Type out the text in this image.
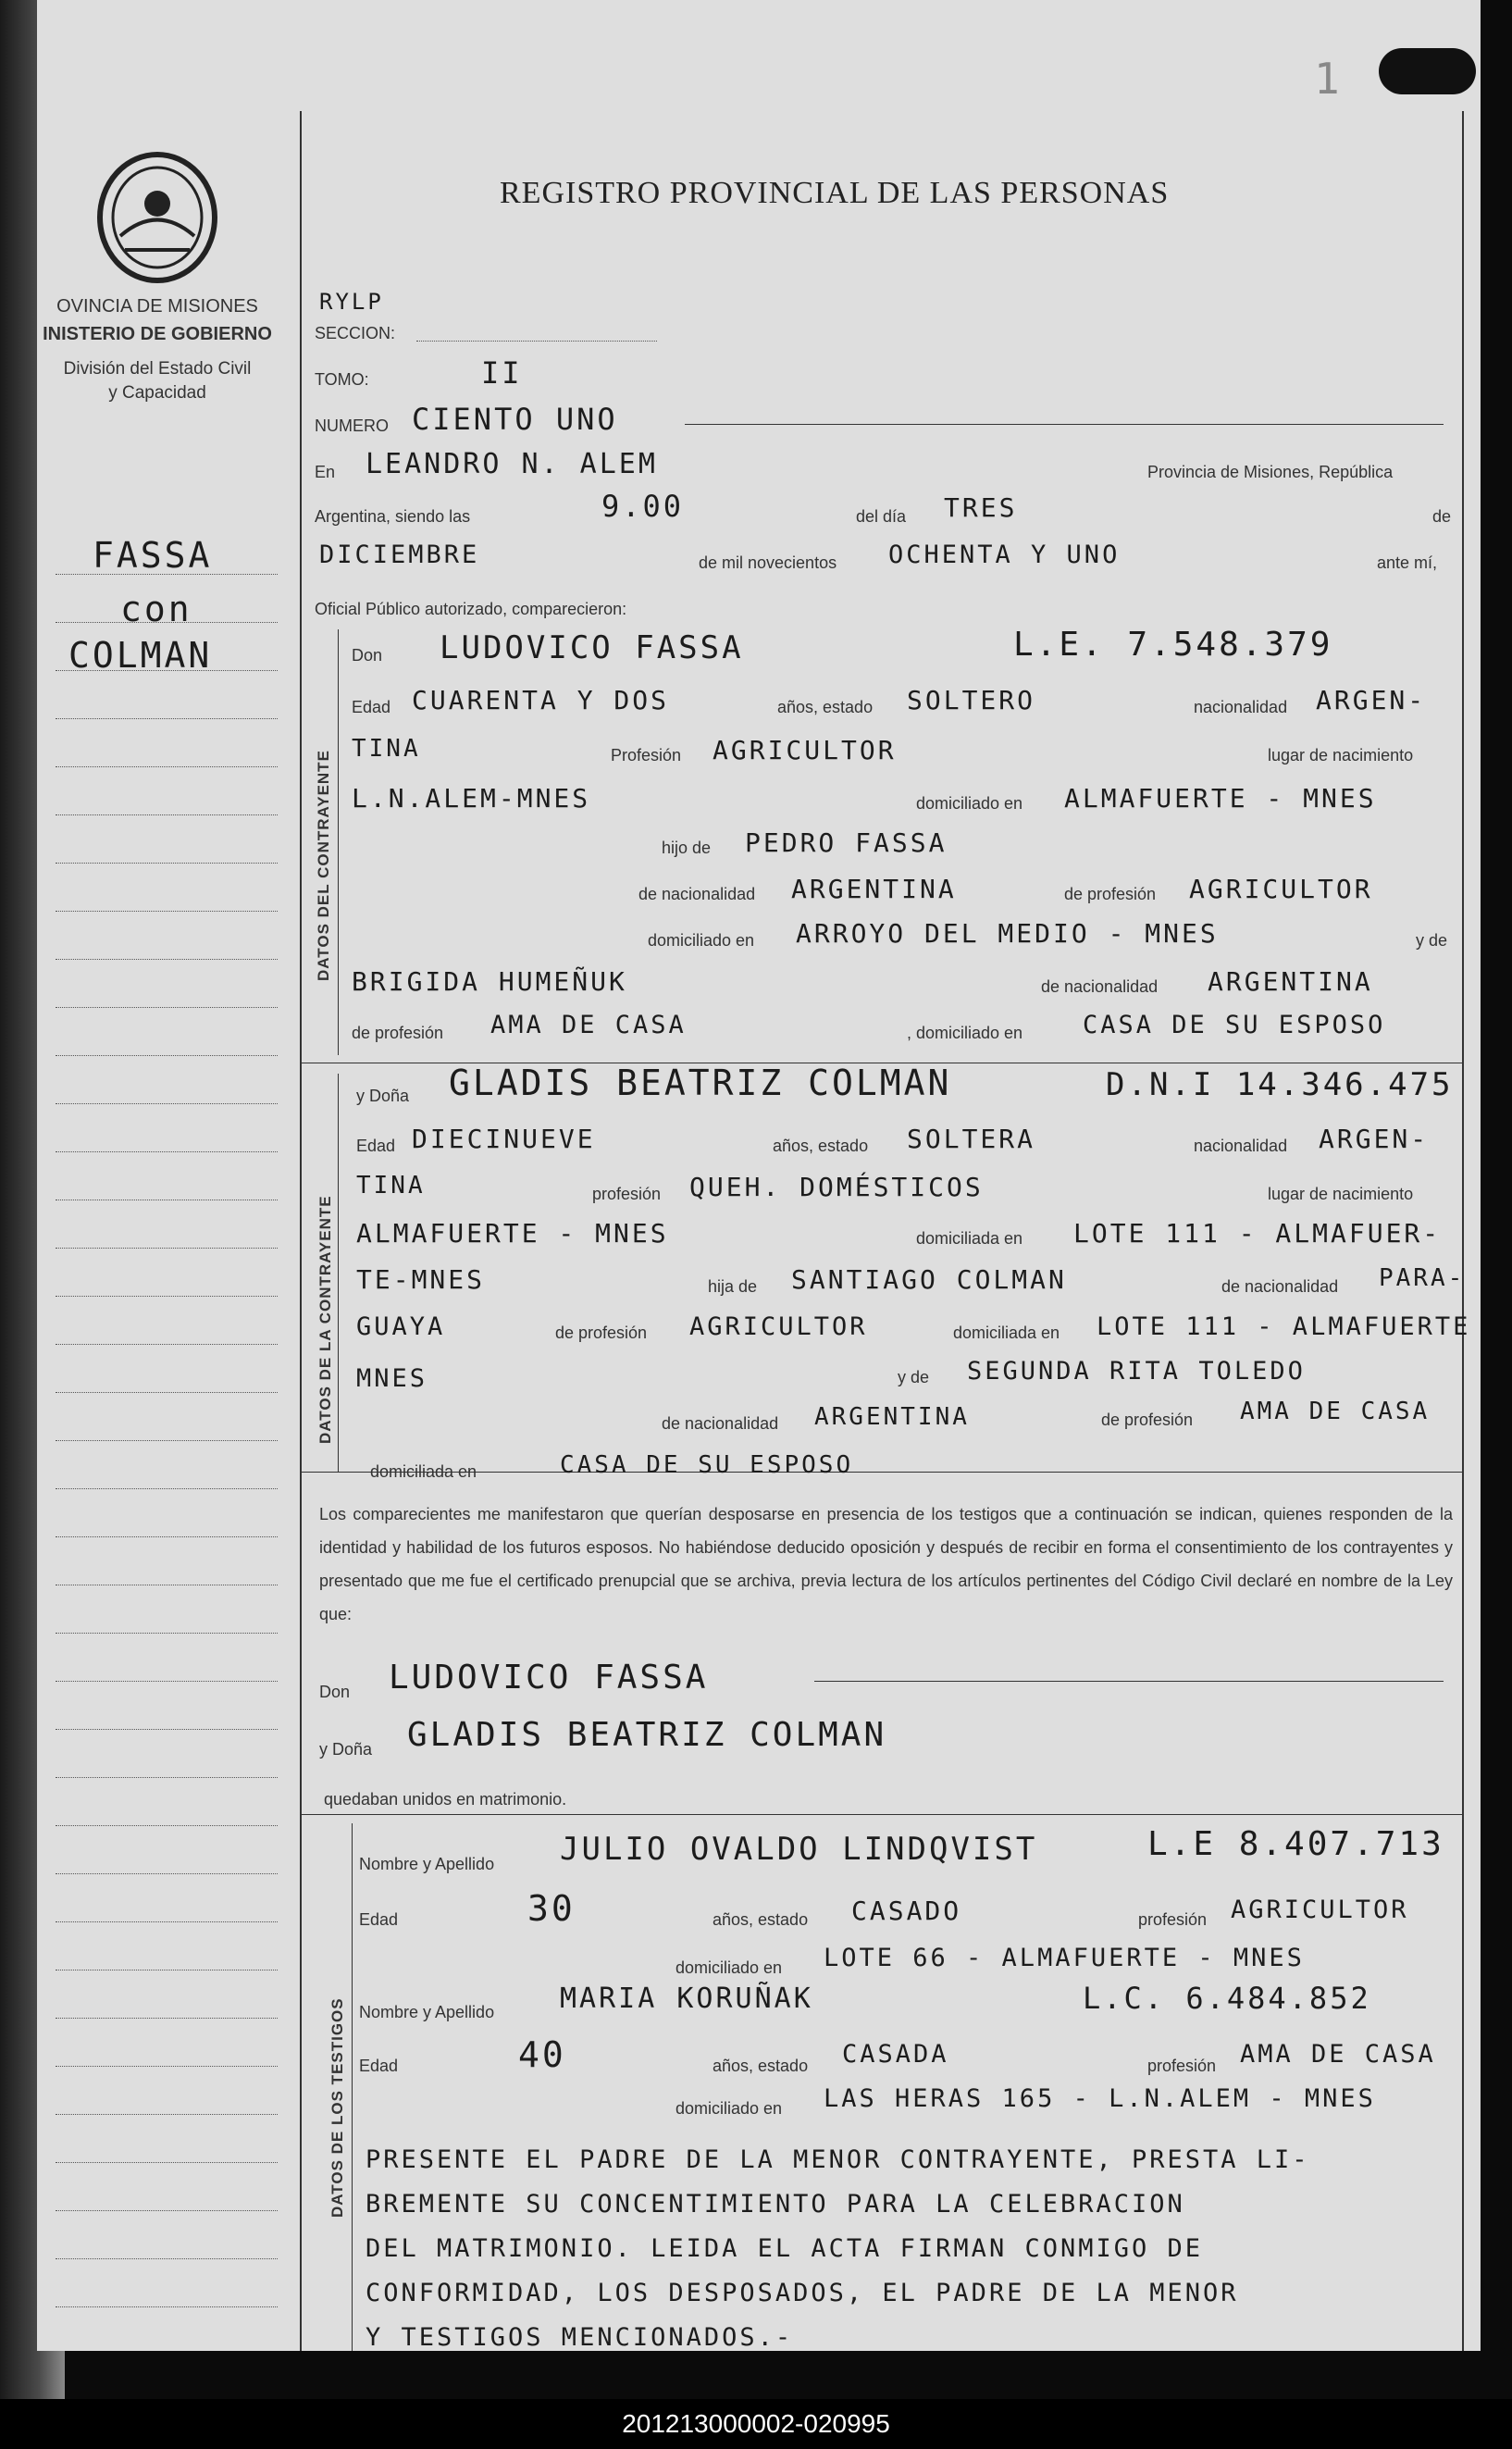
1
OVINCIA DE MISIONES
INISTERIO DE GOBIERNO
División del Estado Civil
y Capacidad
FASSA
con
COLMAN
REGISTRO PROVINCIAL DE LAS PERSONAS
RYLP
SECCION:
TOMO:	II
NUMERO CIENTO UNO
En LEANDRO N. ALEM	Provincia de Misiones, República
Argentina, siendo las	9.00	del día TRES	de
DICIEMBRE	de mil novecientos OCHENTA Y UNO	ante mí,
Oficial Público autorizado, comparecieron:
DATOS DEL CONTRAYENTE
Don LUDOVICO FASSA	L.E. 7.548.379
Edad CUARENTA Y DOS	años, estado SOLTERO	nacionalidad ARGEN-
TINA	Profesión AGRICULTOR	lugar de nacimiento
L.N.ALEM-MNES	domiciliado en ALMAFUERTE - MNES
hijo de PEDRO FASSA
de nacionalidad ARGENTINA	de profesión AGRICULTOR
domiciliado en ARROYO DEL MEDIO - MNES	y de
BRIGIDA HUMEÑUK	de nacionalidad ARGENTINA
de profesión AMA DE CASA	, domiciliado en CASA DE SU ESPOSO
DATOS DE LA CONTRAYENTE
y Doña GLADIS BEATRIZ COLMAN	D.N.I 14.346.475
Edad DIECINUEVE	años, estado SOLTERA	nacionalidad ARGEN-
TINA	profesión QUEH. DOMÉSTICOS	lugar de nacimiento
ALMAFUERTE - MNES	domiciliada en LOTE 111 - ALMAFUER-
TE-MNES	hija de SANTIAGO COLMAN	de nacionalidad PARA-
GUAYA	de profesión AGRICULTOR	domiciliada en LOTE 111 - ALMAFUERTE
MNES	y de SEGUNDA RITA TOLEDO
de nacionalidad ARGENTINA	de profesión AMA DE CASA
domiciliada en	CASA DE SU ESPOSO
Los comparecientes me manifestaron que querían desposarse en presencia de los testigos que a continuación se indican, quienes responden de la identidad y habilidad de los futuros esposos. No habiéndose deducido oposición y después de recibir en forma el consentimiento de los contrayentes y presentado que me fue el certificado prenupcial que se archiva, previa lectura de los artículos pertinentes del Código Civil declaré en nombre de la Ley que:
Don LUDOVICO FASSA
y Doña GLADIS BEATRIZ COLMAN
quedaban unidos en matrimonio.
DATOS DE LOS TESTIGOS
Nombre y Apellido JULIO OVALDO LINDQVIST	L.E 8.407.713
Edad	30	años, estado CASADO	profesión AGRICULTOR
domiciliado en LOTE 66 - ALMAFUERTE - MNES
Nombre y Apellido MARIA KORUÑAK	L.C. 6.484.852
Edad	40	años, estado CASADA	profesión AMA DE CASA
domiciliado en LAS HERAS 165 - L.N.ALEM - MNES
PRESENTE EL PADRE DE LA MENOR CONTRAYENTE, PRESTA LI-
BREMENTE SU CONCENTIMIENTO PARA LA CELEBRACION
DEL MATRIMONIO. LEIDA EL ACTA FIRMAN CONMIGO DE
CONFORMIDAD, LOS DESPOSADOS, EL PADRE DE LA MENOR
Y TESTIGOS MENCIONADOS.-
201213000002-020995
